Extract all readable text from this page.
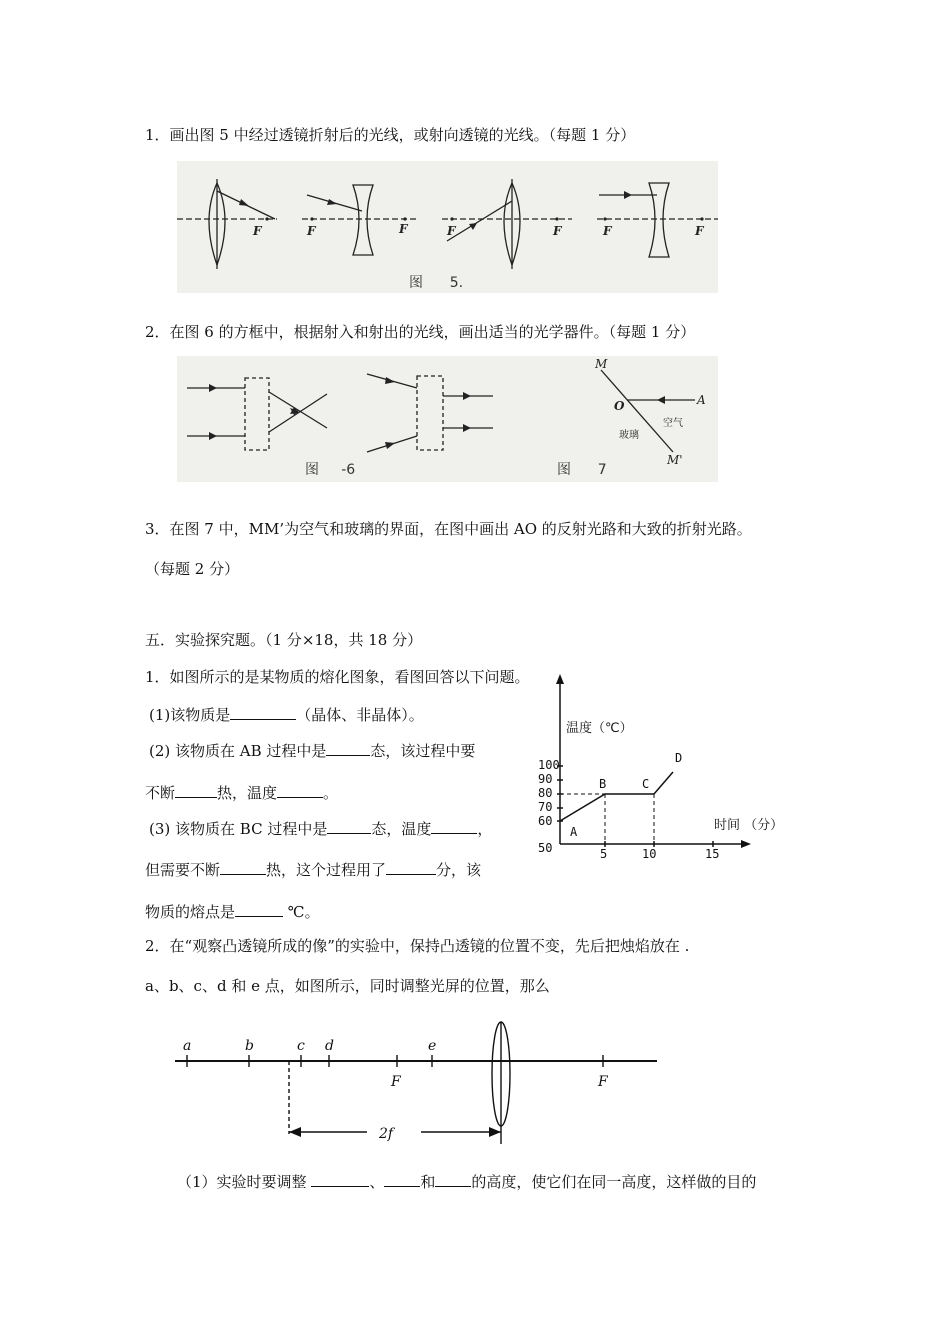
1．画出图 5 中经过透镜折射后的光线，或射向透镜的光线。（每题 1 分）
F	F	F	F	F	F	F
图      5.
2．在图 6 的方框中，根据射入和射出的光线，画出适当的光学器件。（每题 1 分）
M
M'
O	A
空气
玻璃
图     -6	图      7
3．在图 7 中，MM’为空气和玻璃的界面，在图中画出 AO 的反射光路和大致的折射光路。
（每题 2 分）
五．实验探究题。（1 分×18，共 18 分）
1．如图所示的是某物质的熔化图象，看图回答以下问题。
(1)该物质是	（晶体、非晶体）。
(2) 该物质在 AB 过程中是	态，该过程中要
不断	热，温度	。
(3) 该物质在 BC 过程中是	态，温度	，
但需要不断	热，这个过程用了	分，该
物质的熔点是	℃。
100
90
80
70
60
50	5	10	15
A
B	C
D
温度（℃）
时间 （分）
2．在“观察凸透镜所成的像”的实验中，保持凸透镜的位置不变，先后把烛焰放在 .
a、b、c、d 和 e 点，如图所示，同时调整光屏的位置，那么
a	b	c d	e
F	F
2f
（1）实验时要调整	、 和 的高度，使它们在同一高度，这样做的目的
